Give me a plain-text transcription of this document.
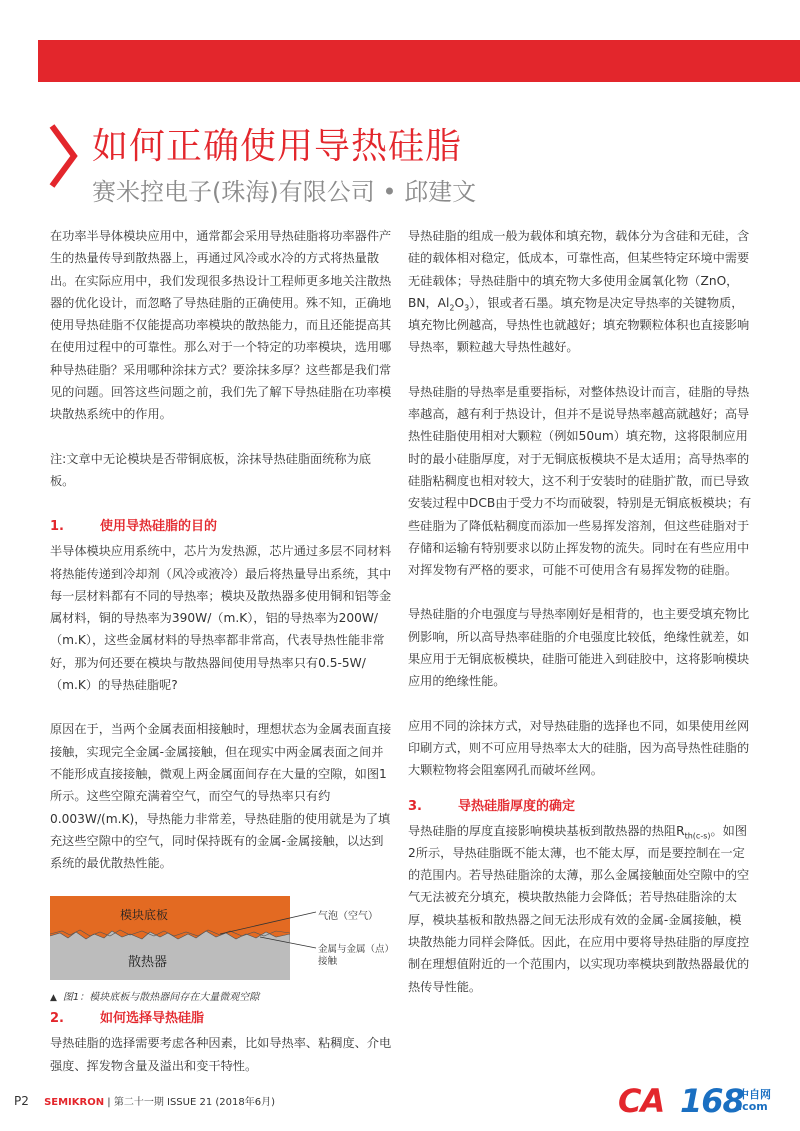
如何正确使用导热硅脂
赛米控电子(珠海)有限公司 • 邱建文

在功率半导体模块应用中，通常都会采用导热硅脂将功率器件产生的热量传导到散热器上，再通过风冷或水冷的方式将热量散出。在实际应用中，我们发现很多热设计工程师更多地关注散热器的优化设计，而忽略了导热硅脂的正确使用。殊不知，正确地使用导热硅脂不仅能提高功率模块的散热能力，而且还能提高其在使用过程中的可靠性。那么对于一个特定的功率模块，选用哪种导热硅脂？采用哪种涂抹方式？要涂抹多厚？这些都是我们常见的问题。回答这些问题之前，我们先了解下导热硅脂在功率模块散热系统中的作用。

注:文章中无论模块是否带铜底板，涂抹导热硅脂面统称为底板。

1.	使用导热硅脂的目的

半导体模块应用系统中，芯片为发热源，芯片通过多层不同材料将热能传递到冷却剂（风冷或液冷）最后将热量导出系统，其中每一层材料都有不同的导热率；模块及散热器多使用铜和铝等金属材料，铜的导热率为390W/（m.K），铝的导热率为200W/（m.K），这些金属材料的导热率都非常高，代表导热性能非常好，那为何还要在模块与散热器间使用导热率只有0.5-5W/（m.K）的导热硅脂呢?

原因在于，当两个金属表面相接触时，理想状态为金属表面直接接触，实现完全金属-金属接触，但在现实中两金属表面之间并不能形成直接接触，微观上两金属面间存在大量的空隙，如图1所示。这些空隙充满着空气，而空气的导热率只有约0.003W/(m.K)，导热能力非常差，导热硅脂的使用就是为了填充这些空隙中的空气，同时保持既有的金属-金属接触，以达到系统的最优散热性能。

模块底板
散热器
气泡（空气）
金属与金属（点）接触

▲ 图1：模块底板与散热器间存在大量微观空隙

2.	如何选择导热硅脂

导热硅脂的选择需要考虑各种因素，比如导热率、粘稠度、介电强度、挥发物含量及溢出和变干特性。

导热硅脂的组成一般为载体和填充物，载体分为含硅和无硅，含硅的载体相对稳定，低成本，可靠性高，但某些特定环境中需要无硅载体；导热硅脂中的填充物大多使用金属氧化物（ZnO，BN，$Al_2O_3$），银或者石墨。填充物是决定导热率的关键物质，填充物比例越高，导热性也就越好；填充物颗粒体积也直接影响导热率，颗粒越大导热性越好。

导热硅脂的导热率是重要指标，对整体热设计而言，硅脂的导热率越高，越有利于热设计，但并不是说导热率越高就越好；高导热性硅脂使用相对大颗粒（例如50um）填充物，这将限制应用时的最小硅脂厚度，对于无铜底板模块不是太适用；高导热率的硅脂粘稠度也相对较大，这不利于安装时的硅脂扩散，而已导致安装过程中DCB由于受力不均而破裂，特别是无铜底板模块；有些硅脂为了降低粘稠度而添加一些易挥发溶剂，但这些硅脂对于存储和运输有特别要求以防止挥发物的流失。同时在有些应用中对挥发物有严格的要求，可能不可使用含有易挥发物的硅脂。

导热硅脂的介电强度与导热率刚好是相背的，也主要受填充物比例影响，所以高导热率硅脂的介电强度比较低，绝缘性就差，如果应用于无铜底板模块，硅脂可能进入到硅胶中，这将影响模块应用的绝缘性能。

应用不同的涂抹方式，对导热硅脂的选择也不同，如果使用丝网印刷方式，则不可应用导热率太大的硅脂，因为高导热性硅脂的大颗粒物将会阻塞网孔而破坏丝网。

3.	导热硅脂厚度的确定

导热硅脂的厚度直接影响模块基板到散热器的热阻$R_{th(c-s)}$。如图2所示，导热硅脂既不能太薄，也不能太厚，而是要控制在一定的范围内。若导热硅脂涂的太薄，那么金属接触面处空隙中的空气无法被充分填充，模块散热能力会降低；若导热硅脂涂的太厚，模块基板和散热器之间无法形成有效的金属-金属接触，模块散热能力同样会降低。因此，在应用中要将导热硅脂的厚度控制在理想值附近的一个范围内，以实现功率模块到散热器最优的热传导性能。

P2 SEMIKRON | 第二十一期 ISSUE 21 (2018年6月)	CA 168
中自网
.com
